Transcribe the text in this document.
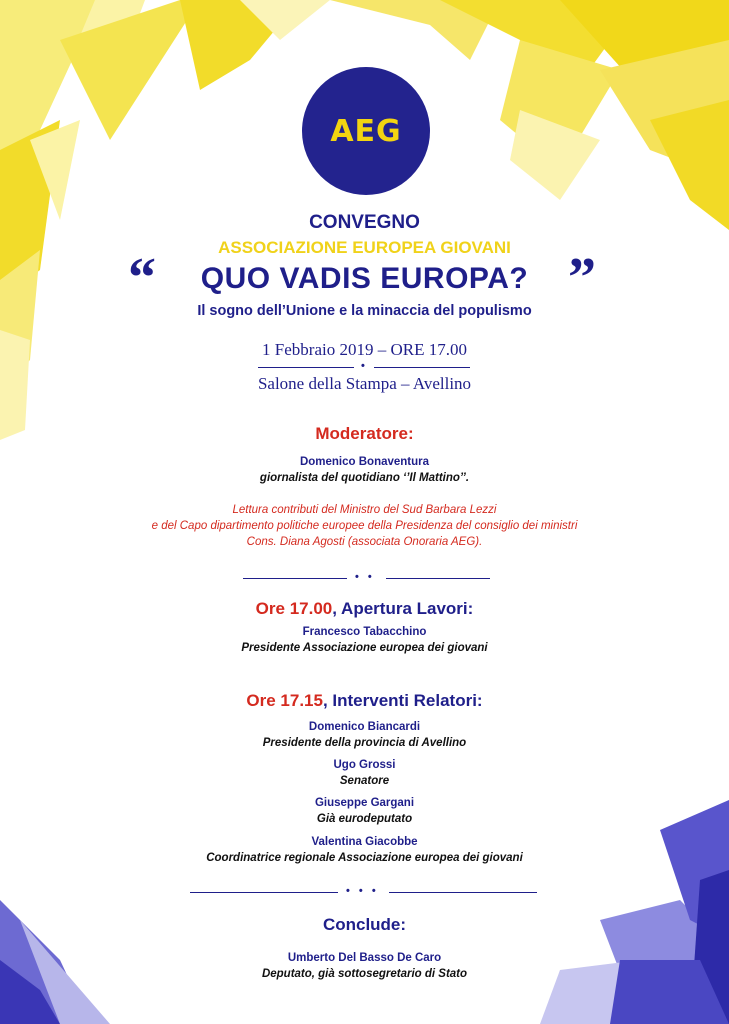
AEG
CONVEGNO
ASSOCIAZIONE EUROPEA GIOVANI
“	QUO VADIS EUROPA? ”
Il sogno dell’Unione e la minaccia del populismo
1 Febbraio 2019 – ORE 17.00
•
Salone della Stampa – Avellino
Moderatore:
Domenico Bonaventura
giornalista del quotidiano ‘’Il Mattino’’.
Lettura contributi del Ministro del Sud Barbara Lezzi
e del Capo dipartimento politiche europee della Presidenza del consiglio dei ministri
Cons. Diana Agosti (associata Onoraria AEG).
• •
Ore 17.00, Apertura Lavori:
Francesco Tabacchino
Presidente Associazione europea dei giovani
Ore 17.15, Interventi Relatori:
Domenico Biancardi
Presidente della provincia di Avellino
Ugo Grossi
Senatore
Giuseppe Gargani
Già eurodeputato
Valentina Giacobbe
Coordinatrice regionale Associazione europea dei giovani
• • •
Conclude:
Umberto Del Basso De Caro
Deputato, già sottosegretario di Stato
